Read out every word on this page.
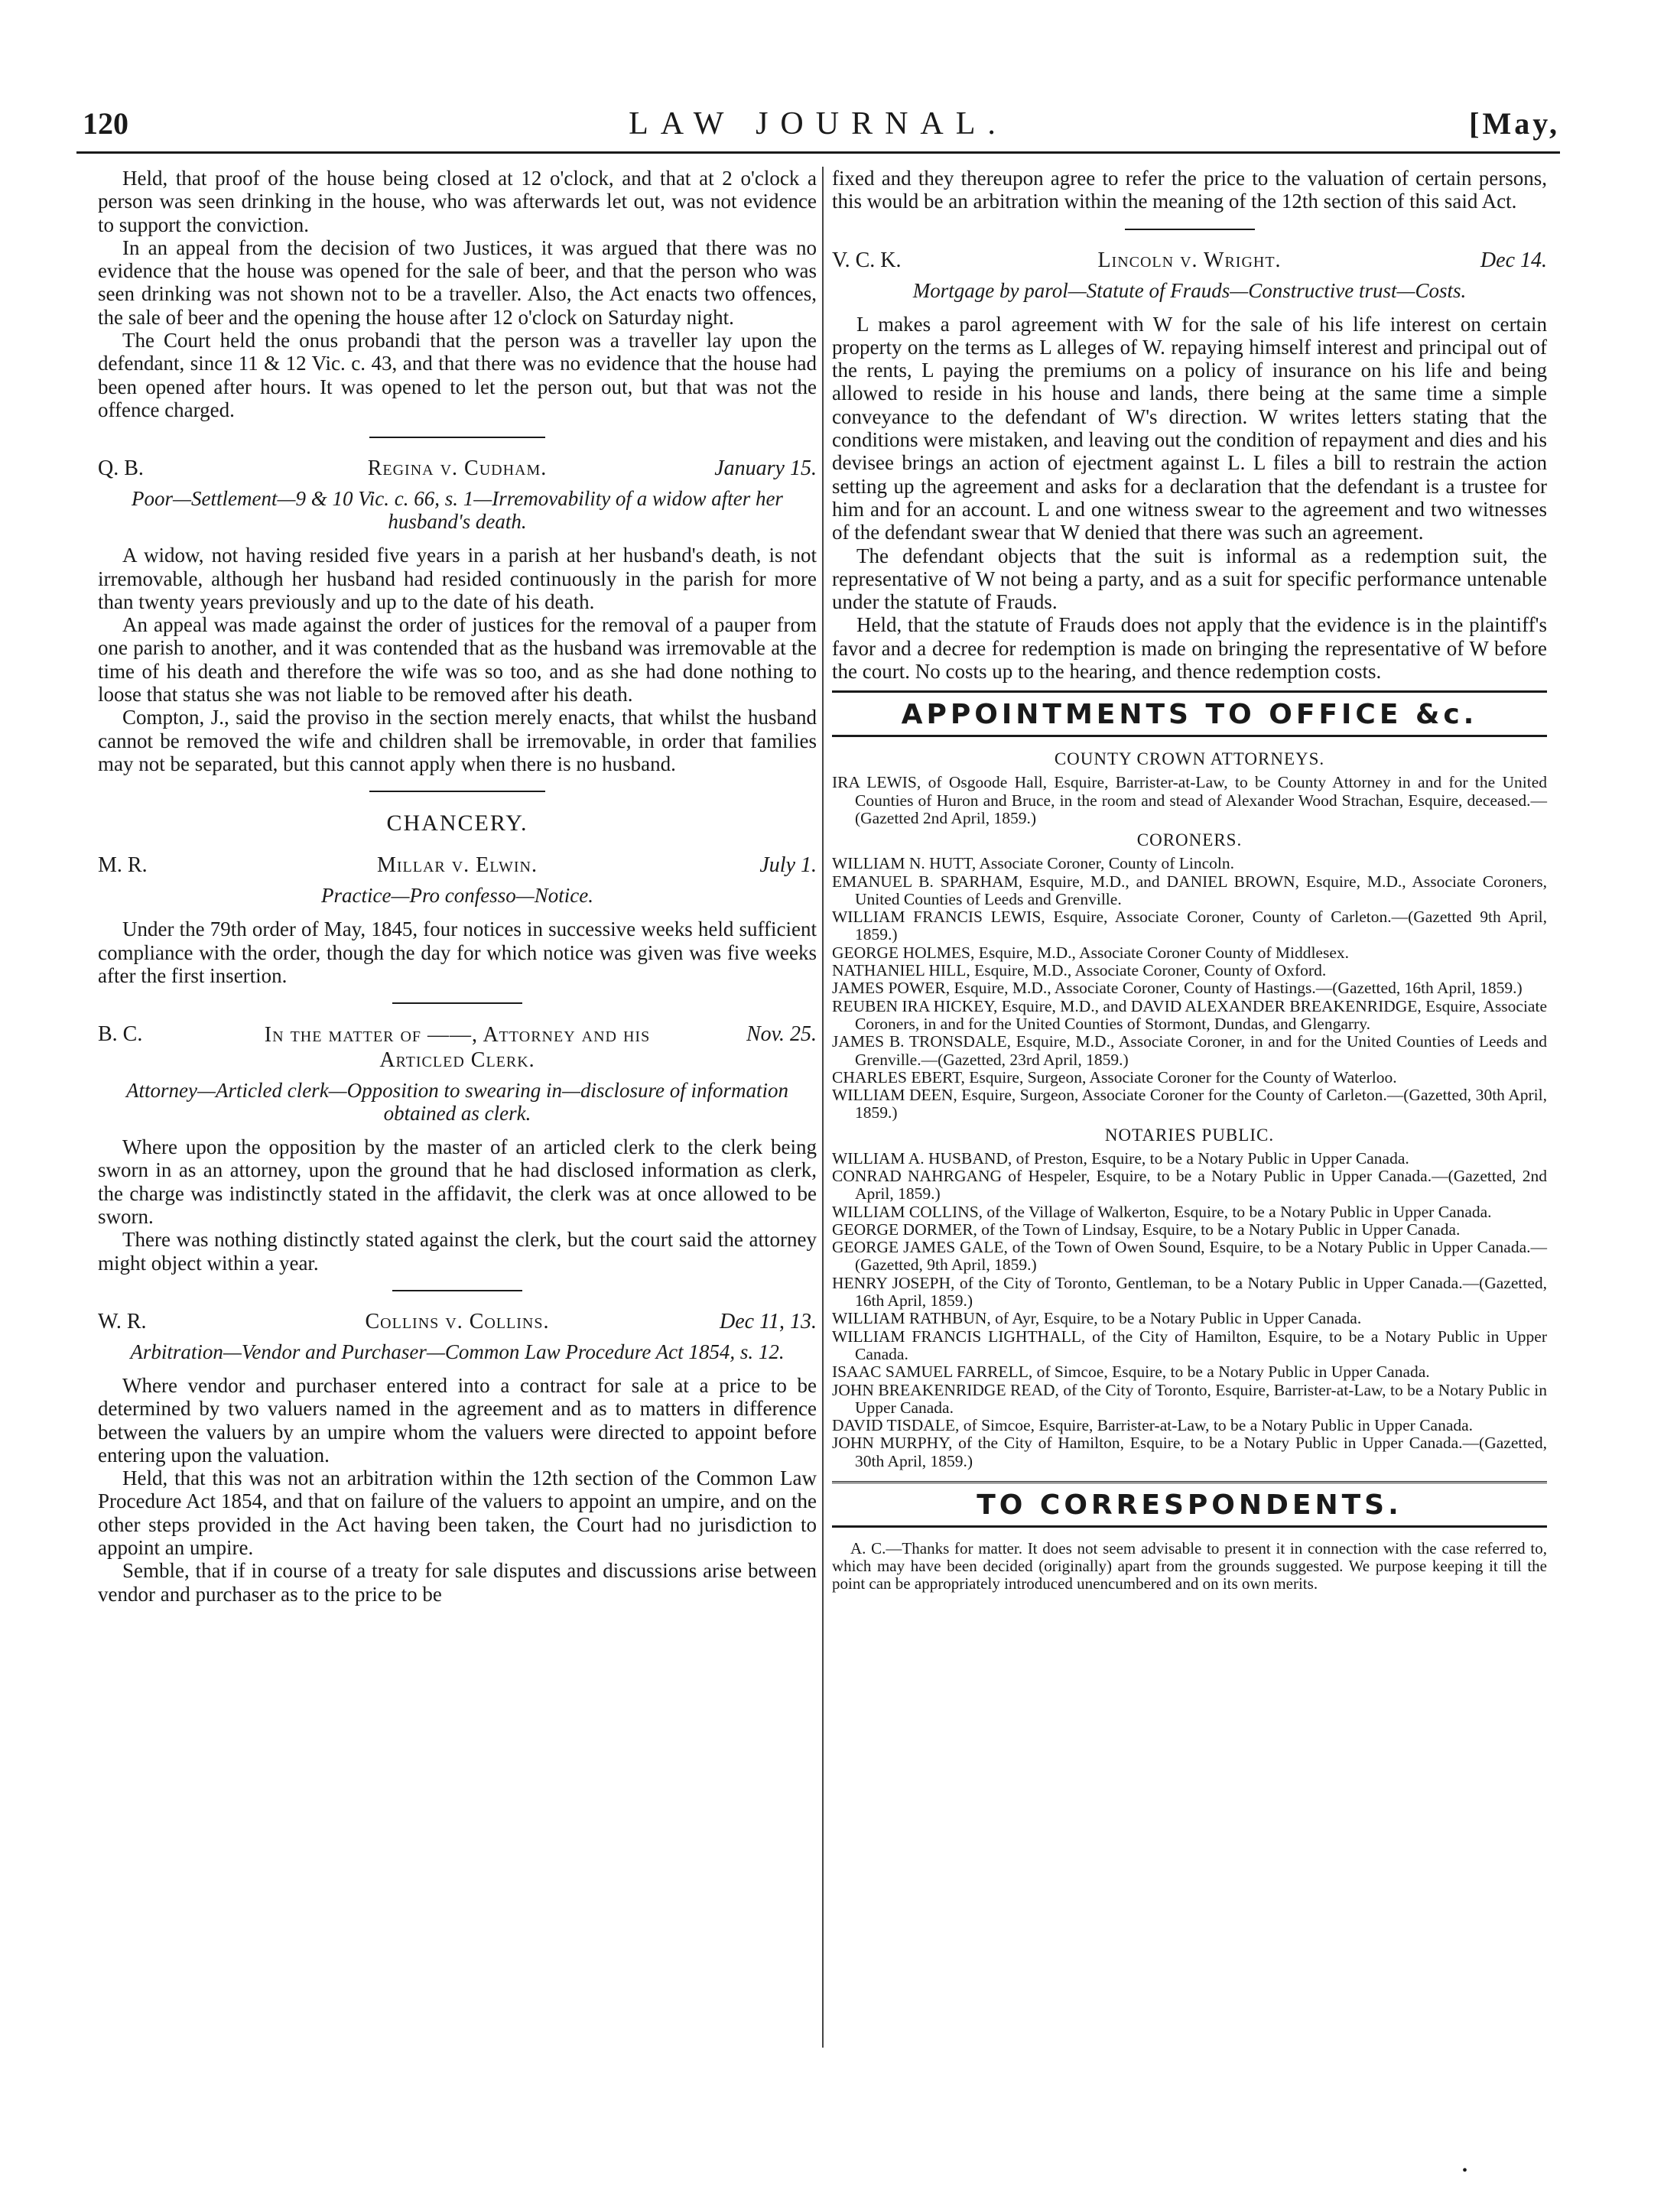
120	LAW JOURNAL.	[May,

Held, that proof of the house being closed at 12 o'clock, and that at 2 o'clock a person was seen drinking in the house, who was afterwards let out, was not evidence to support the conviction.

In an appeal from the decision of two Justices, it was argued that there was no evidence that the house was opened for the sale of beer, and that the person who was seen drinking was not shown not to be a traveller. Also, the Act enacts two offences, the sale of beer and the opening the house after 12 o'clock on Saturday night.

The Court held the onus probandi that the person was a traveller lay upon the defendant, since 11 & 12 Vic. c. 43, and that there was no evidence that the house had been opened after hours. It was opened to let the person out, but that was not the offence charged.

Q. B.	Regina v. Cudham.	January 15.
Poor—Settlement—9 & 10 Vic. c. 66, s. 1—Irremovability of a widow after her husband's death.

A widow, not having resided five years in a parish at her husband's death, is not irremovable, although her husband had resided continuously in the parish for more than twenty years previously and up to the date of his death.

An appeal was made against the order of justices for the removal of a pauper from one parish to another, and it was contended that as the husband was irremovable at the time of his death and therefore the wife was so too, and as she had done nothing to loose that status she was not liable to be removed after his death.

Compton, J., said the proviso in the section merely enacts, that whilst the husband cannot be removed the wife and children shall be irremovable, in order that families may not be separated, but this cannot apply when there is no husband.

CHANCERY.
M. R.	Millar v. Elwin.	July 1.
Practice—Pro confesso—Notice.

Under the 79th order of May, 1845, four notices in successive weeks held sufficient compliance with the order, though the day for which notice was given was five weeks after the first insertion.

B. C.	In the matter of ——, Attorney and his
Articled Clerk.
Nov. 25.
Attorney—Articled clerk—Opposition to swearing in—disclosure of information obtained as clerk.

Where upon the opposition by the master of an articled clerk to the clerk being sworn in as an attorney, upon the ground that he had disclosed information as clerk, the charge was indistinctly stated in the affidavit, the clerk was at once allowed to be sworn.

There was nothing distinctly stated against the clerk, but the court said the attorney might object within a year.

W. R.	Collins v. Collins.	Dec 11, 13.
Arbitration—Vendor and Purchaser—Common Law Procedure Act 1854, s. 12.

Where vendor and purchaser entered into a contract for sale at a price to be determined by two valuers named in the agreement and as to matters in difference between the valuers by an umpire whom the valuers were directed to appoint before entering upon the valuation.

Held, that this was not an arbitration within the 12th section of the Common Law Procedure Act 1854, and that on failure of the valuers to appoint an umpire, and on the other steps provided in the Act having been taken, the Court had no jurisdiction to appoint an umpire.

Semble, that if in course of a treaty for sale disputes and discussions arise between vendor and purchaser as to the price to be

fixed and they thereupon agree to refer the price to the valuation of certain persons, this would be an arbitration within the meaning of the 12th section of this said Act.

V. C. K.	Lincoln v. Wright.	Dec 14.
Mortgage by parol—Statute of Frauds—Constructive trust—Costs.

L makes a parol agreement with W for the sale of his life interest on certain property on the terms as L alleges of W. repaying himself interest and principal out of the rents, L paying the premiums on a policy of insurance on his life and being allowed to reside in his house and lands, there being at the same time a simple conveyance to the defendant of W's direction. W writes letters stating that the conditions were mistaken, and leaving out the condition of repayment and dies and his devisee brings an action of ejectment against L. L files a bill to restrain the action setting up the agreement and asks for a declaration that the defendant is a trustee for him and for an account. L and one witness swear to the agreement and two witnesses of the defendant swear that W denied that there was such an agreement.

The defendant objects that the suit is informal as a redemption suit, the representative of W not being a party, and as a suit for specific performance untenable under the statute of Frauds.

Held, that the statute of Frauds does not apply that the evidence is in the plaintiff's favor and a decree for redemption is made on bringing the representative of W before the court. No costs up to the hearing, and thence redemption costs.

APPOINTMENTS TO OFFICE &c.
COUNTY CROWN ATTORNEYS.

IRA LEWIS, of Osgoode Hall, Esquire, Barrister-at-Law, to be County Attorney in and for the United Counties of Huron and Bruce, in the room and stead of Alexander Wood Strachan, Esquire, deceased.—(Gazetted 2nd April, 1859.)

CORONERS.

WILLIAM N. HUTT, Associate Coroner, County of Lincoln.

EMANUEL B. SPARHAM, Esquire, M.D., and DANIEL BROWN, Esquire, M.D., Associate Coroners, United Counties of Leeds and Grenville.

WILLIAM FRANCIS LEWIS, Esquire, Associate Coroner, County of Carleton.—(Gazetted 9th April, 1859.)

GEORGE HOLMES, Esquire, M.D., Associate Coroner County of Middlesex.

NATHANIEL HILL, Esquire, M.D., Associate Coroner, County of Oxford.

JAMES POWER, Esquire, M.D., Associate Coroner, County of Hastings.—(Gazetted, 16th April, 1859.)

REUBEN IRA HICKEY, Esquire, M.D., and DAVID ALEXANDER BREAKENRIDGE, Esquire, Associate Coroners, in and for the United Counties of Stormont, Dundas, and Glengarry.

JAMES B. TRONSDALE, Esquire, M.D., Associate Coroner, in and for the United Counties of Leeds and Grenville.—(Gazetted, 23rd April, 1859.)

CHARLES EBERT, Esquire, Surgeon, Associate Coroner for the County of Waterloo.

WILLIAM DEEN, Esquire, Surgeon, Associate Coroner for the County of Carleton.—(Gazetted, 30th April, 1859.)

NOTARIES PUBLIC.

WILLIAM A. HUSBAND, of Preston, Esquire, to be a Notary Public in Upper Canada.

CONRAD NAHRGANG of Hespeler, Esquire, to be a Notary Public in Upper Canada.—(Gazetted, 2nd April, 1859.)

WILLIAM COLLINS, of the Village of Walkerton, Esquire, to be a Notary Public in Upper Canada.

GEORGE DORMER, of the Town of Lindsay, Esquire, to be a Notary Public in Upper Canada.

GEORGE JAMES GALE, of the Town of Owen Sound, Esquire, to be a Notary Public in Upper Canada.—(Gazetted, 9th April, 1859.)

HENRY JOSEPH, of the City of Toronto, Gentleman, to be a Notary Public in Upper Canada.—(Gazetted, 16th April, 1859.)

WILLIAM RATHBUN, of Ayr, Esquire, to be a Notary Public in Upper Canada.

WILLIAM FRANCIS LIGHTHALL, of the City of Hamilton, Esquire, to be a Notary Public in Upper Canada.

ISAAC SAMUEL FARRELL, of Simcoe, Esquire, to be a Notary Public in Upper Canada.

JOHN BREAKENRIDGE READ, of the City of Toronto, Esquire, Barrister-at-Law, to be a Notary Public in Upper Canada.

DAVID TISDALE, of Simcoe, Esquire, Barrister-at-Law, to be a Notary Public in Upper Canada.

JOHN MURPHY, of the City of Hamilton, Esquire, to be a Notary Public in Upper Canada.—(Gazetted, 30th April, 1859.)

TO CORRESPONDENTS.

A. C.—Thanks for matter. It does not seem advisable to present it in connection with the case referred to, which may have been decided (originally) apart from the grounds suggested. We purpose keeping it till the point can be appropriately introduced unencumbered and on its own merits.

•
